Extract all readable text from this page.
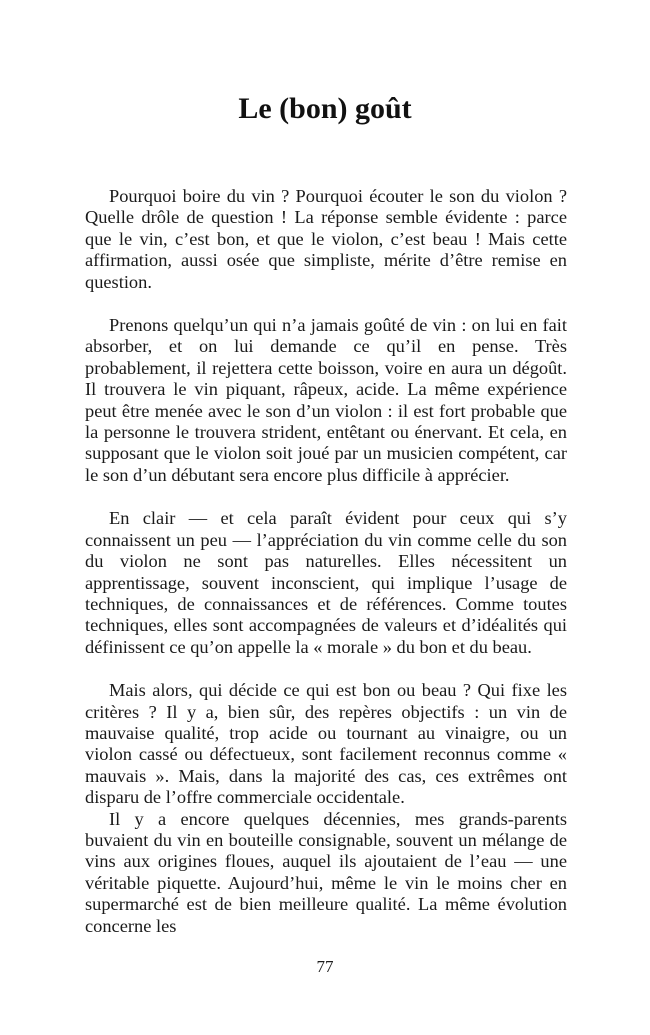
Le (bon) goût

Pourquoi boire du vin ? Pourquoi écouter le son du violon ? Quelle drôle de question ! La réponse semble évidente : parce que le vin, c’est bon, et que le violon, c’est beau ! Mais cette affirmation, aussi osée que simpliste, mérite d’être remise en question.

Prenons quelqu’un qui n’a jamais goûté de vin : on lui en fait absorber, et on lui demande ce qu’il en pense. Très probablement, il rejettera cette boisson, voire en aura un dégoût. Il trouvera le vin piquant, râpeux, acide. La même expérience peut être menée avec le son d’un violon : il est fort probable que la personne le trouvera strident, entêtant ou énervant. Et cela, en supposant que le violon soit joué par un musicien compétent, car le son d’un débutant sera encore plus difficile à apprécier.

En clair — et cela paraît évident pour ceux qui s’y connaissent un peu — l’appréciation du vin comme celle du son du violon ne sont pas naturelles. Elles nécessitent un apprentissage, souvent inconscient, qui implique l’usage de techniques, de connaissances et de références. Comme toutes techniques, elles sont accompagnées de valeurs et d’idéalités qui définissent ce qu’on appelle la « morale » du bon et du beau.

Mais alors, qui décide ce qui est bon ou beau ? Qui fixe les critères ? Il y a, bien sûr, des repères objectifs : un vin de mauvaise qualité, trop acide ou tournant au vinaigre, ou un violon cassé ou défectueux, sont facilement reconnus comme « mauvais ». Mais, dans la majorité des cas, ces extrêmes ont disparu de l’offre commerciale occidentale.

Il y a encore quelques décennies, mes grands-parents buvaient du vin en bouteille consignable, souvent un mélange de vins aux origines floues, auquel ils ajoutaient de l’eau — une véritable piquette. Aujourd’hui, même le vin le moins cher en supermarché est de bien meilleure qualité. La même évolution concerne les

77
